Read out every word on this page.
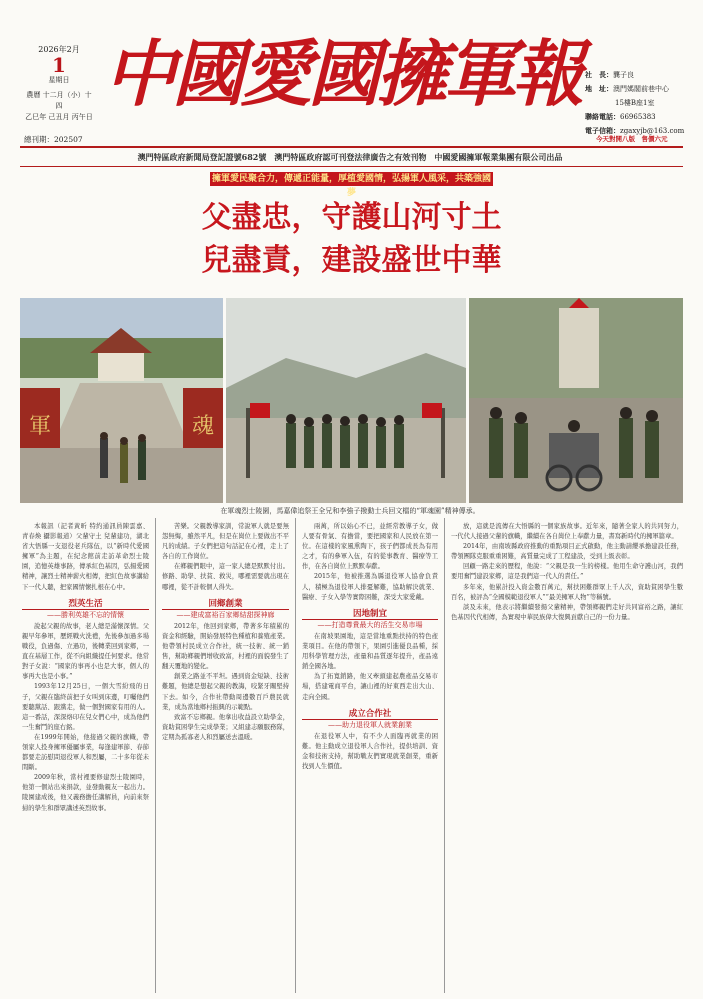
2026年2月
1
星期日
農曆 十二月（小）十四
乙巳年 己丑月 丙午日
總刊期：202507
中國愛國擁軍報 社　長：龔子良
地　址：澳門媽閣前巷中心
15樓B座1室
聯絡電話：66965383
電子信箱：zgaxyjb@163.com
今天對開八版　售價六元
澳門特區政府新聞局登記證號682號　澳門特區政府認可刊登法律廣告之有效刊物　中國愛國擁軍報業集團有限公司出品
擁軍愛民聚合力，傳遞正能量，厚植愛國情，弘揚軍人風采，共築強國夢
父盡忠，守護山河寸土
兒盡責，建設盛世中華
軍	魂
在軍魂烈士陵園，馬嘉偉追祭王全兄和李強子撥動士兵回文檔的“軍魂園”精神傳承。

本報訊（記者黃昕 特約通訊員陳雲嘉、青春煥 攝影報道）父輩守土 兒輩建功，湖北省大悟縣一支退役老兵隊伍，以“新時代愛國擁軍”為主題，在紀念館前走訪革命烈士陵園，追憶英雄事跡，傳承紅色基因，弘揚愛國精神，讓烈士精神薪火相傳，把紅色故事講給下一代人聽，把家國情懷扎根在心中。

烈英生活
——勝利英雄不忘的情懷

說起父親的故事，老人總是滿懷深情。父親早年參軍，歷經戰火洗禮，先後參加過多場戰役，負過傷、立過功，後轉業回到家鄉，一直在基層工作，從不向組織提任何要求。他常對子女說：“國家的事再小也是大事，個人的事再大也是小事。”

1993年12月25日，一個大雪紛飛的日子，父親在臨終前把子女叫到床邊，叮囑他們要聽黨話、跟黨走，做一個對國家有用的人。這一番話，深深烙印在兒女們心中，成為他們一生奮鬥的座右銘。

在1999年開始，他接過父親的旗幟，帶領家人投身擁軍優屬事業，每逢建軍節、春節都要走訪慰問退役軍人和烈屬，二十多年從未間斷。

2009年秋，當村裡要修建烈士陵園時，他第一個站出來捐款，並發動親友一起出力。陵園建成後，他又義務擔任講解員，向前來祭掃的學生和群眾講述英烈故事。

苦樂。父親教導家訓，常說軍人就是要無怨無悔，雖然平凡，但是在崗位上要做出不平凡的成績。子女們把這句話記在心裡，走上了各自的工作崗位。

在鄉親們眼中，這一家人總是默默付出。修路、助學、扶貧、救災，哪裡需要就出現在哪裡，從不計較個人得失。

回鄉創業
——建成富裕百家鄉結甜探神廊

2012年，他回到家鄉，帶著多年積累的資金和經驗，開始發展特色種植和養殖產業。他帶領村民成立合作社，統一技術、統一銷售，幫助鄉親們增收致富，村裡的面貌發生了翻天覆地的變化。

創業之路並不平坦。遇到資金短缺、技術難題，他總是想起父親的教誨，咬緊牙關堅持下去。如今，合作社帶動周邊數百戶農民就業，成為當地鄉村振興的示範點。

致富不忘鄉親。他拿出收益設立助學金，資助貧困學生完成學業；又組建志願服務隊，定期為孤寡老人和烈屬送去溫暖。

兩萬，所以始心不已，並經常教導子女，做人要有骨氣、有擔當，要把國家和人民放在第一位。在這樣的家風熏陶下，孩子們都成長為有用之才，有的參軍入伍，有的從事教育、醫療等工作，在各自崗位上默默奉獻。

2015年，他被推選為縣退役軍人協會負責人，積極為退役軍人排憂解難，協助解決就業、醫療、子女入學等實際困難，深受大家愛戴。

因地制宜
——打造尊貴最大的活生交易市場

在南坡果園地，這是當地重點扶持的特色產業項目。在他的帶領下，果園引進優良品種，採用科學管理方法，產量和品質逐年提升，產品遠銷全國各地。

為了拓寬銷路，他又牽頭建起農產品交易市場，搭建電商平台，讓山裡的好東西走出大山、走向全國。

成立合作社
——助力退役軍人就業創業

在退役軍人中，有不少人面臨再就業的困難。他主動成立退役軍人合作社，提供培訓、資金和技術支持，幫助戰友們實現就業創業，重新找到人生價值。

放，這就是流傳在大悟縣的一個家族故事。近年來，隨著全家人的共同努力，一代代人接過父輩的旗幟，繼續在各自崗位上奉獻力量，書寫新時代的擁軍篇章。

2014年，由南坡縣政府推動的重點項目正式啟動，他主動請纓承擔建設任務，帶領團隊克服重重困難，高質量完成了工程建設，受到上級表彰。

回顧一路走來的歷程，他說：“父親是我一生的榜樣。他用生命守護山河，我們要用奮鬥建設家鄉，這是我們這一代人的責任。”

多年來，他累計投入資金數百萬元，幫扶困難群眾上千人次，資助貧困學生數百名，被評為“全國模範退役軍人”“最美擁軍人物”等稱號。

談及未來，他表示將繼續發揚父輩精神，帶領鄉親們走好共同富裕之路，讓紅色基因代代相傳，為實現中華民族偉大復興貢獻自己的一份力量。
